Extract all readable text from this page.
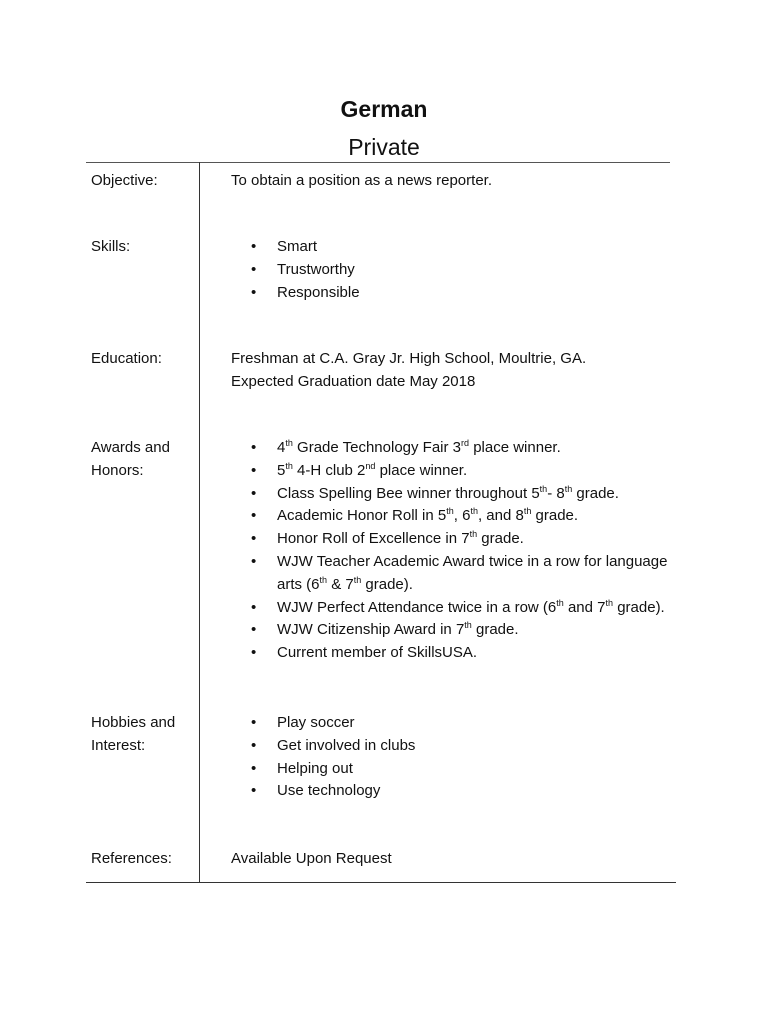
German
Private
Objective:	To obtain a position as a news reporter.
Skills:
•	Smart
• Trustworthy
• Responsible
Education:	Freshman at C.A. Gray Jr. High School, Moultrie, GA.

Expected Graduation date May 2018

Awards and
Honors:
• 4th Grade Technology Fair 3rd place winner.
• 5th 4-H club 2nd place winner.
• Class Spelling Bee winner throughout 5th- 8th grade.
• Academic Honor Roll in 5th, 6th, and 8th grade.
• Honor Roll of Excellence in 7th grade.
• WJW Teacher Academic Award twice in a row for language arts (6th & 7th grade).
• WJW Perfect Attendance twice in a row (6th and 7th grade).
• WJW Citizenship Award in 7th grade.
• Current member of SkillsUSA.
Hobbies and
Interest:
• Play soccer
• Get involved in clubs
• Helping out
• Use technology
References:	Available Upon Request
